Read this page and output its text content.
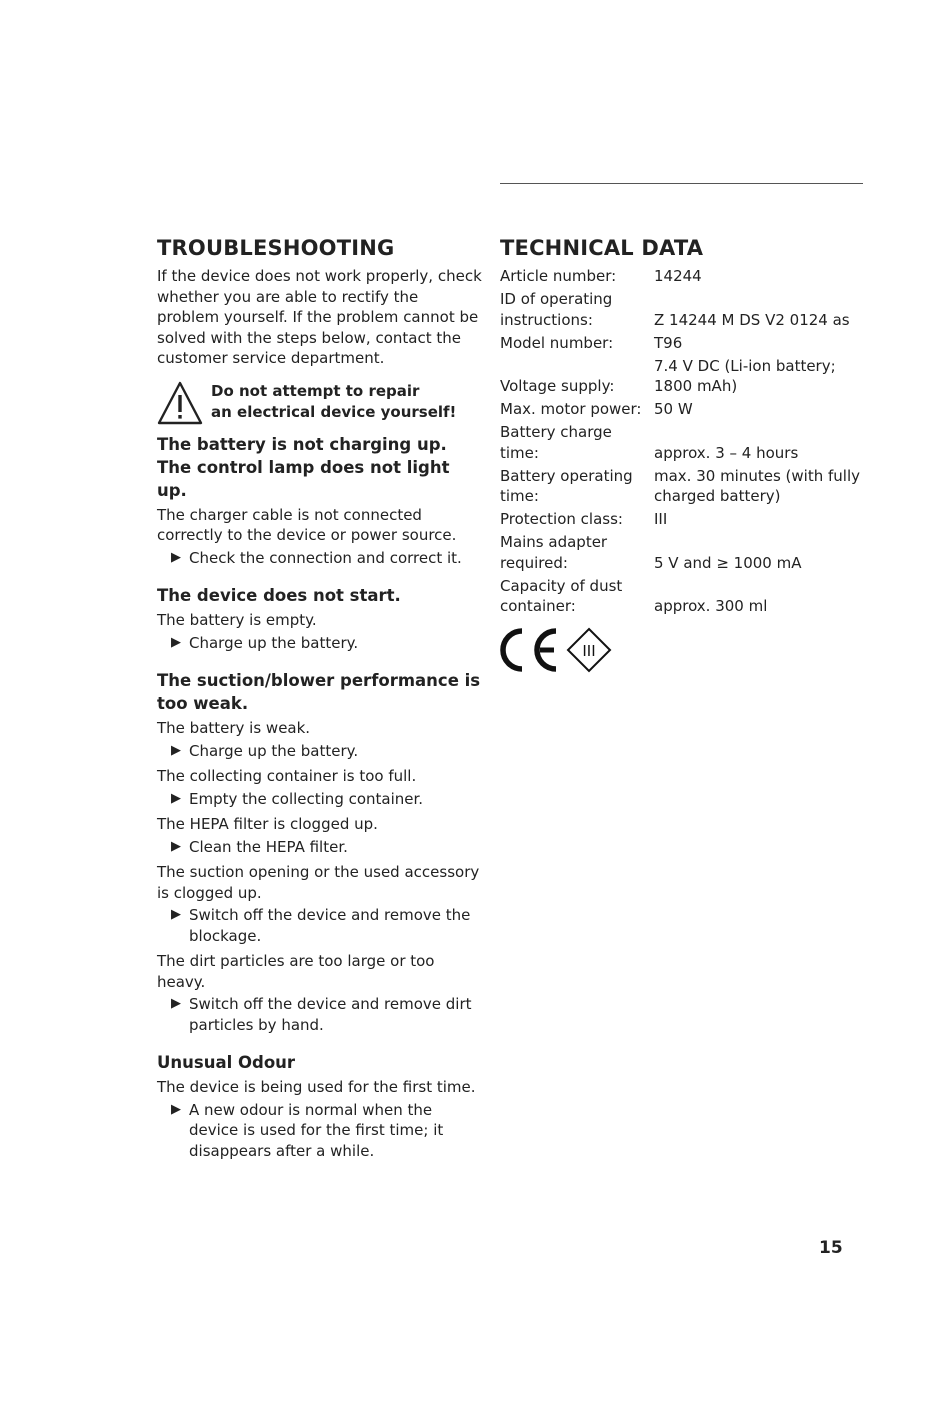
TROUBLESHOOTING

If the device does not work properly, check whether you are able to rectify the problem yourself. If the problem cannot be solved with the steps below, contact the customer service department.

Do not attempt to repair
an electrical device yourself!
The battery is not charging up. The control lamp does not light up.

The charger cable is not connected correctly to the device or power source.

▶ Check the connection and correct it.
The device does not start.

The battery is empty.

▶ Charge up the battery.
The suction/blower performance is too weak.

The battery is weak.

▶ Charge up the battery.

The collecting container is too full.

▶ Empty the collecting container.

The HEPA filter is clogged up.

▶ Clean the HEPA filter.

The suction opening or the used accessory is clogged up.

▶ Switch off the device and remove the blockage.

The dirt particles are too large or too heavy.

▶ Switch off the device and remove dirt particles by hand.
Unusual Odour

The device is being used for the first time.

▶ A new odour is normal when the device is used for the first time; it disappears after a while.
TECHNICAL DATA
Article number:	14244
ID of operating instructions:	Z 14244 M DS V2 0124 as
Model number:	T96
Voltage supply:	7.4 V DC (Li-ion battery; 1800 mAh)
Max. motor power:	50 W
Battery charge time:	approx. 3 – 4 hours
Battery operating time:	max. 30 minutes (with fully charged battery)
Protection class:	III
Mains adapter required:	5 V and ≥ 1000 mA
Capacity of dust container:	approx. 300 ml
III
15
